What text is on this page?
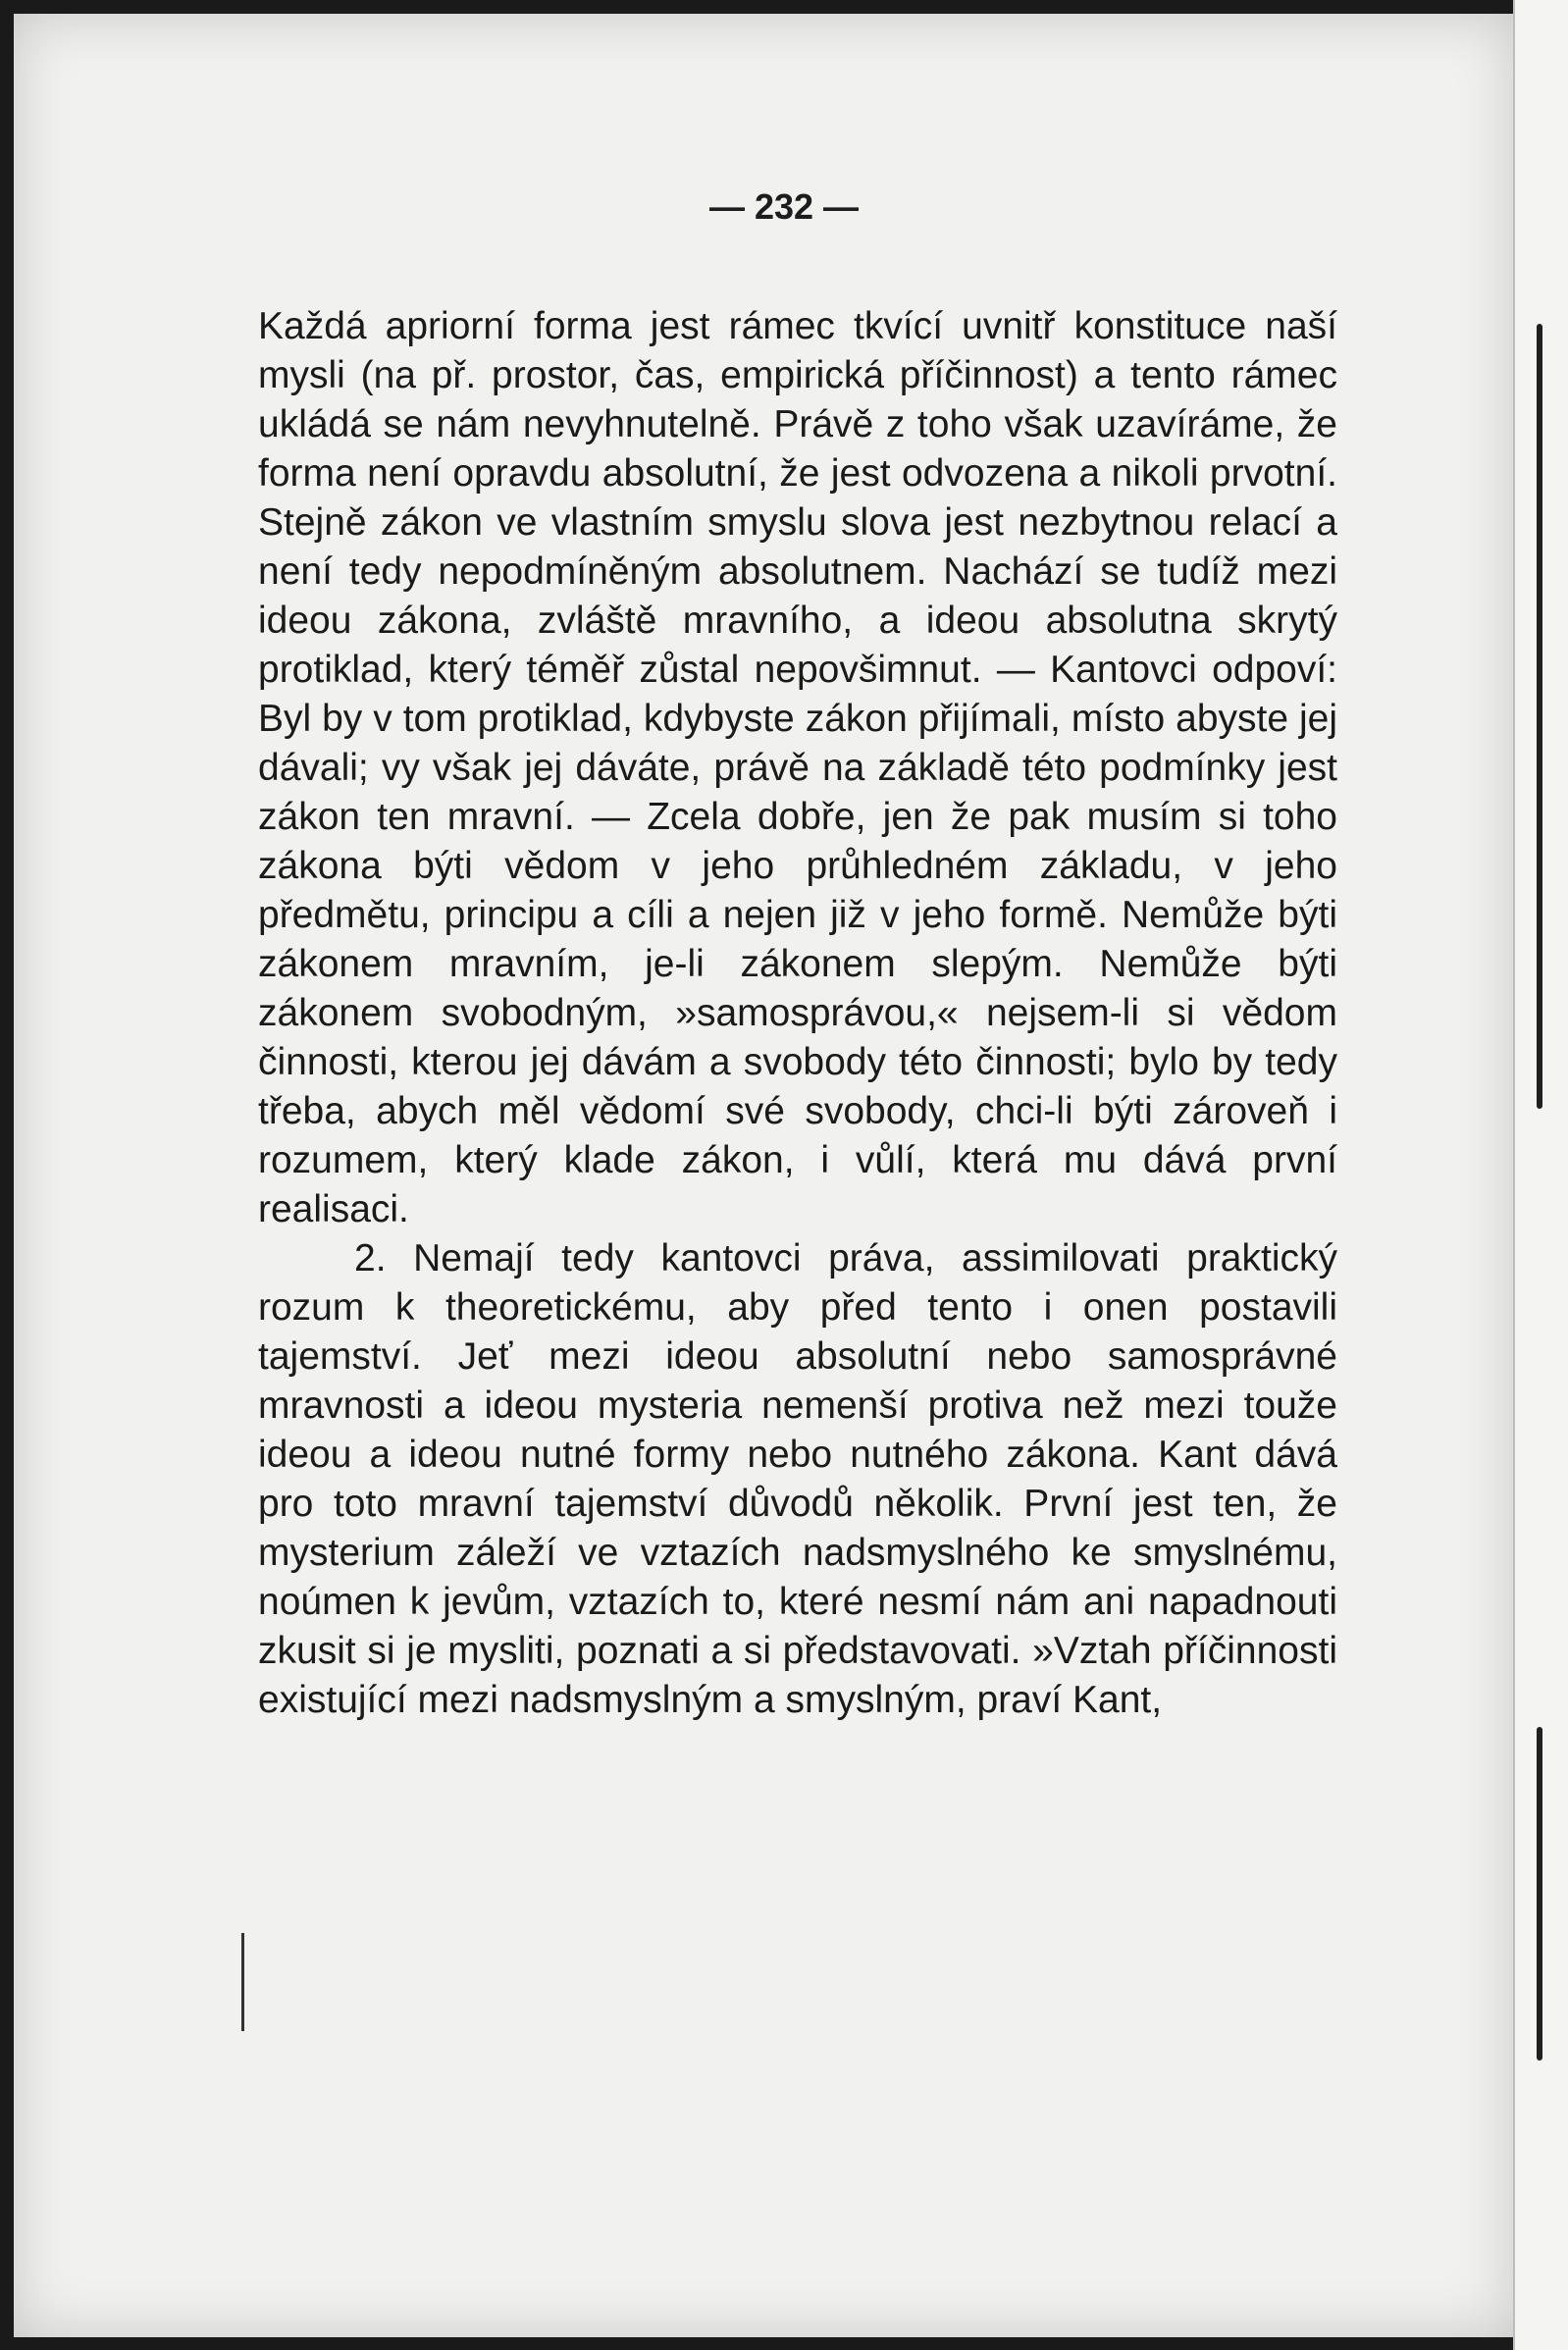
— 232 —

Každá apriorní forma jest rámec tkvící uvnitř konstituce naší mysli (na př. prostor, čas, empirická příčinnost) a tento rámec ukládá se nám nevyhnutelně. Právě z toho však uzavíráme, že forma není opravdu absolutní, že jest odvozena a nikoli prvotní. Stejně zákon ve vlastním smyslu slova jest nezbytnou relací a není tedy nepodmíněným absolutnem. Nachází se tudíž mezi ideou zákona, zvláště mravního, a ideou absolutna skrytý protiklad, který téměř zůstal nepovšimnut. — Kantovci odpoví: Byl by v tom protiklad, kdybyste zákon přijímali, místo abyste jej dávali; vy však jej dáváte, právě na základě této podmínky jest zákon ten mravní. — Zcela dobře, jen že pak musím si toho zákona býti vědom v jeho průhledném základu, v jeho předmětu, principu a cíli a nejen již v jeho formě. Nemůže býti zákonem mravním, je-li zákonem slepým. Nemůže býti zákonem svobodným, »samosprávou,« nejsem-li si vědom činnosti, kterou jej dávám a svobody této činnosti; bylo by tedy třeba, abych měl vědomí své svobody, chci-li býti zároveň i rozumem, který klade zákon, i vůlí, která mu dává první realisaci.

2. Nemají tedy kantovci práva, assimilovati praktický rozum k theoretickému, aby před tento i onen postavili tajemství. Jeť mezi ideou absolutní nebo samosprávné mravnosti a ideou mysteria nemenší protiva než mezi touže ideou a ideou nutné formy nebo nutného zákona. Kant dává pro toto mravní tajemství důvodů několik. První jest ten, že mysterium záleží ve vztazích nadsmyslného ke smyslnému, noúmen k jevům, vztazích to, které nesmí nám ani napadnouti zkusit si je mysliti, poznati a si představovati. »Vztah příčinnosti existující mezi nadsmyslným a smyslným, praví Kant,
